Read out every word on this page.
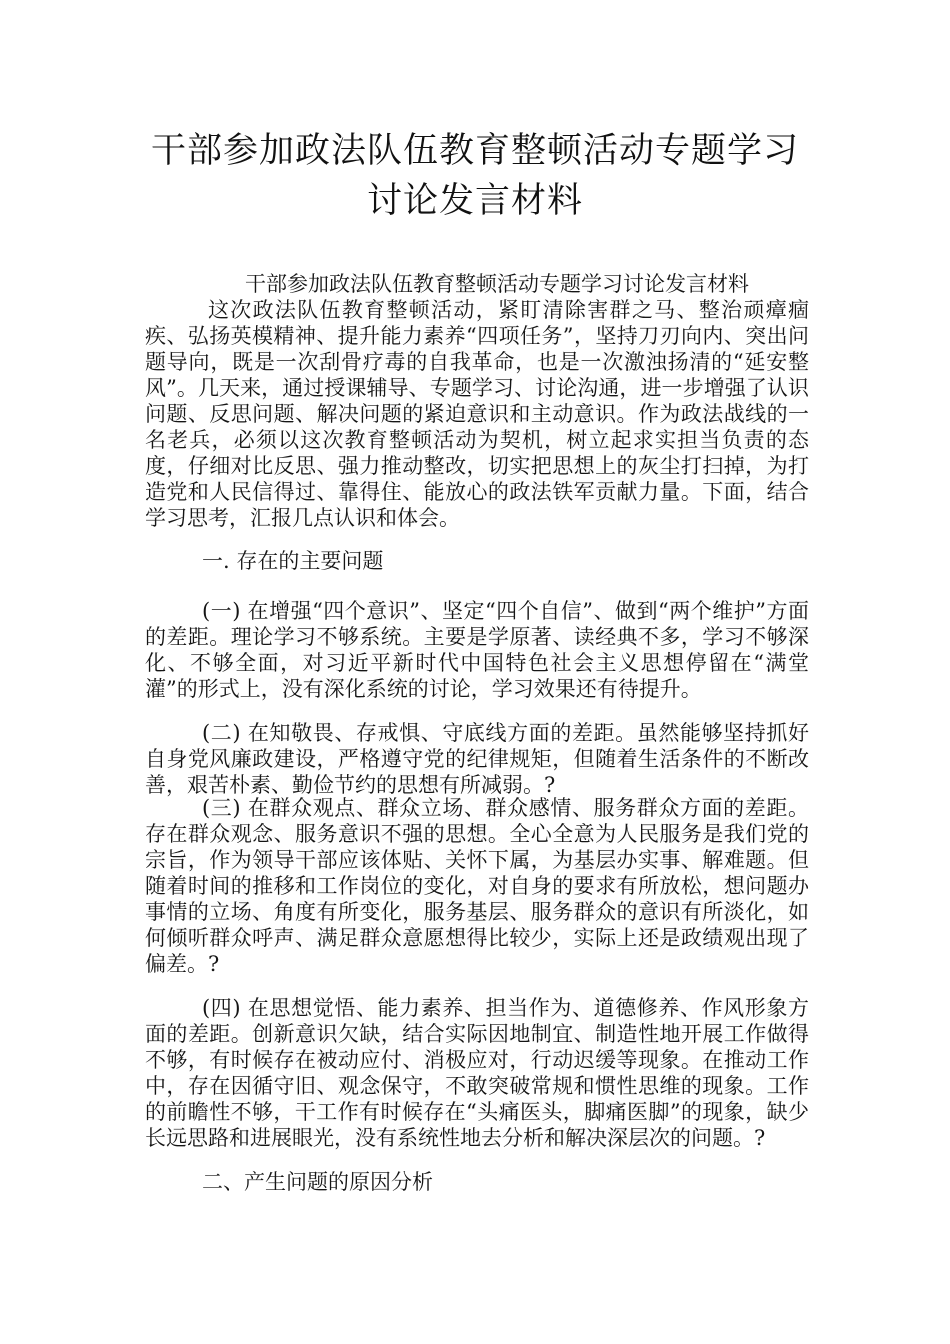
干部参加政法队伍教育整顿活动专题学习
讨论发言材料
干部参加政法队伍教育整顿活动专题学习讨论发言材料
这次政法队伍教育整顿活动，紧盯清除害群之马、整治顽瘴痼疾、弘扬英模精神、提升能力素养“四项任务”，坚持刀刃向内、突出问题导向，既是一次刮骨疗毒的自我革命，也是一次激浊扬清的“延安整风”。几天来，通过授课辅导、专题学习、讨论沟通，进一步增强了认识问题、反思问题、解决问题的紧迫意识和主动意识。作为政法战线的一名老兵，必须以这次教育整顿活动为契机，树立起求实担当负责的态度，仔细对比反思、强力推动整改，切实把思想上的灰尘打扫掉，为打造党和人民信得过、靠得住、能放心的政法铁军贡献力量。下面，结合学习思考，汇报几点认识和体会。
一. 存在的主要问题
(一) 在增强“四个意识”、坚定“四个自信”、做到“两个维护”方面的差距。理论学习不够系统。主要是学原著、读经典不多，学习不够深化、不够全面，对习近平新时代中国特色社会主义思想停留在“满堂灌”的形式上，没有深化系统的讨论，学习效果还有待提升。
(二) 在知敬畏、存戒惧、守底线方面的差距。虽然能够坚持抓好自身党风廉政建设，严格遵守党的纪律规矩，但随着生活条件的不断改善，艰苦朴素、勤俭节约的思想有所减弱。?
(三) 在群众观点、群众立场、群众感情、服务群众方面的差距。存在群众观念、服务意识不强的思想。全心全意为人民服务是我们党的宗旨，作为领导干部应该体贴、关怀下属，为基层办实事、解难题。但随着时间的推移和工作岗位的变化，对自身的要求有所放松，想问题办事情的立场、角度有所变化，服务基层、服务群众的意识有所淡化，如何倾听群众呼声、满足群众意愿想得比较少，实际上还是政绩观出现了偏差。?
(四) 在思想觉悟、能力素养、担当作为、道德修养、作风形象方面的差距。创新意识欠缺，结合实际因地制宜、制造性地开展工作做得不够，有时候存在被动应付、消极应对，行动迟缓等现象。在推动工作中，存在因循守旧、观念保守，不敢突破常规和惯性思维的现象。工作的前瞻性不够，干工作有时候存在“头痛医头，脚痛医脚”的现象，缺少长远思路和进展眼光，没有系统性地去分析和解决深层次的问题。?
二、产生问题的原因分析
